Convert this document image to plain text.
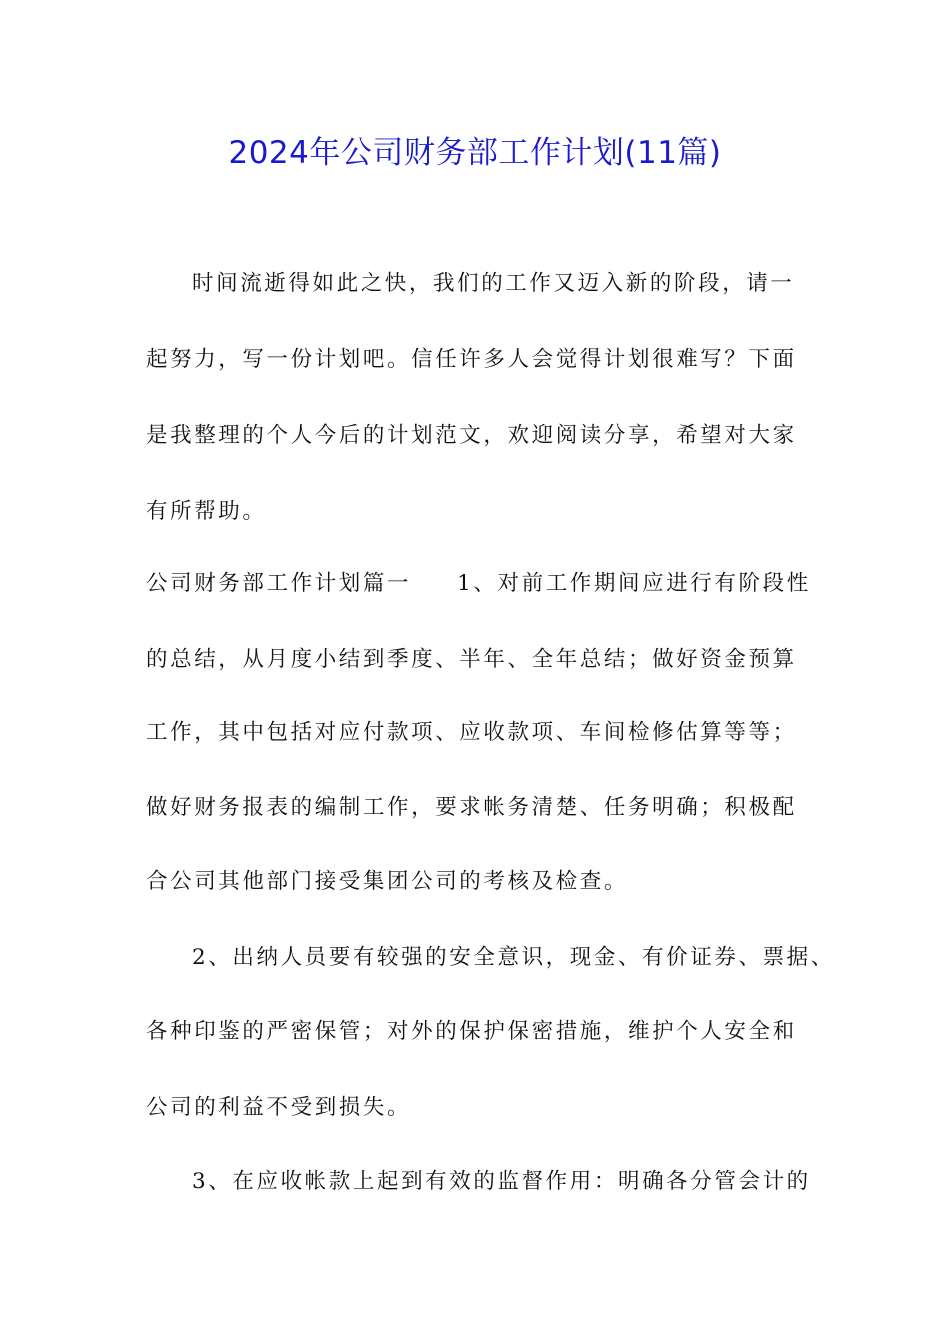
2024年公司财务部工作计划(11篇)
时间流逝得如此之快，我们的工作又迈入新的阶段，请一
起努力，写一份计划吧。信任许多人会觉得计划很难写？下面
是我整理的个人今后的计划范文，欢迎阅读分享，希望对大家
有所帮助。
公司财务部工作计划篇一 1、对前工作期间应进行有阶段性
的总结，从月度小结到季度、半年、全年总结；做好资金预算
工作，其中包括对应付款项、应收款项、车间检修估算等等；
做好财务报表的编制工作，要求帐务清楚、任务明确；积极配
合公司其他部门接受集团公司的考核及检查。
2、出纳人员要有较强的安全意识，现金、有价证券、票据、
各种印鉴的严密保管；对外的保护保密措施，维护个人安全和
公司的利益不受到损失。
3、在应收帐款上起到有效的监督作用：明确各分管会计的
